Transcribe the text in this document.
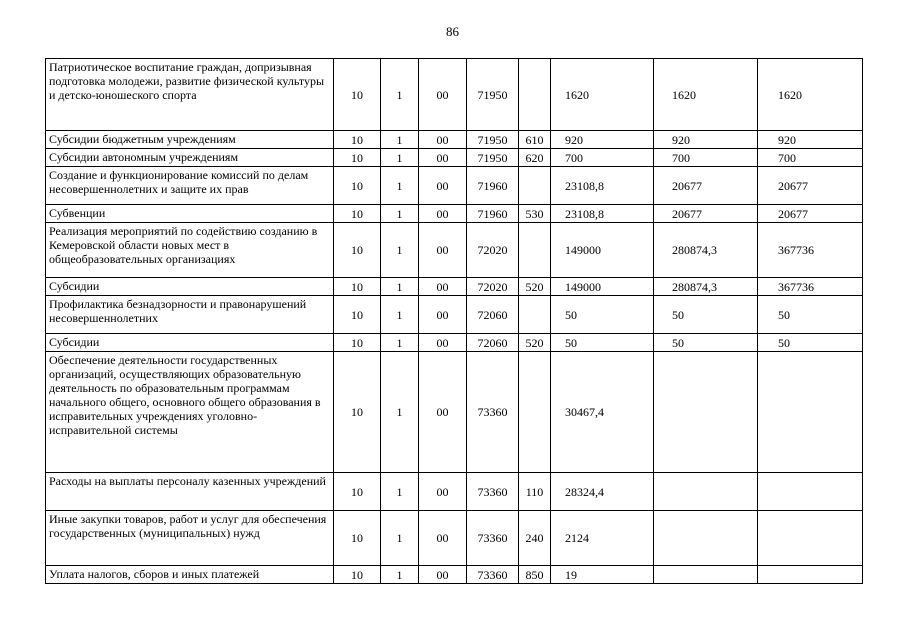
86
Патриотическое воспитание граждан, допризывная подготовка молодежи, развитие физической культуры и детско-юношеского спорта	10	1	00	71950		1620	1620	1620
Субсидии бюджетным учреждениям	10	1	00	71950	610	920	920	920
Субсидии автономным учреждениям	10	1	00	71950	620	700	700	700
Создание и функционирование комиссий по делам несовершеннолетних и защите их прав	10	1	00	71960		23108,8	20677	20677
Субвенции	10	1	00	71960	530	23108,8	20677	20677
Реализация мероприятий по содействию созданию в Кемеровской области новых мест в общеобразовательных организациях	10	1	00	72020		149000	280874,3	367736
Субсидии	10	1	00	72020	520	149000	280874,3	367736
Профилактика безнадзорности и правонарушений несовершеннолетних	10	1	00	72060		50	50	50
Субсидии	10	1	00	72060	520	50	50	50
Обеспечение деятельности государственных организаций, осуществляющих образовательную деятельность по образовательным программам начального общего, основного общего образования в исправительных учреждениях уголовно-исправительной системы	10	1	00	73360		30467,4		
Расходы на выплаты персоналу казенных учреждений	10	1	00	73360	110	28324,4		
Иные закупки товаров, работ и услуг для обеспечения государственных (муниципальных) нужд	10	1	00	73360	240	2124		
Уплата налогов, сборов и иных платежей	10	1	00	73360	850	19		
